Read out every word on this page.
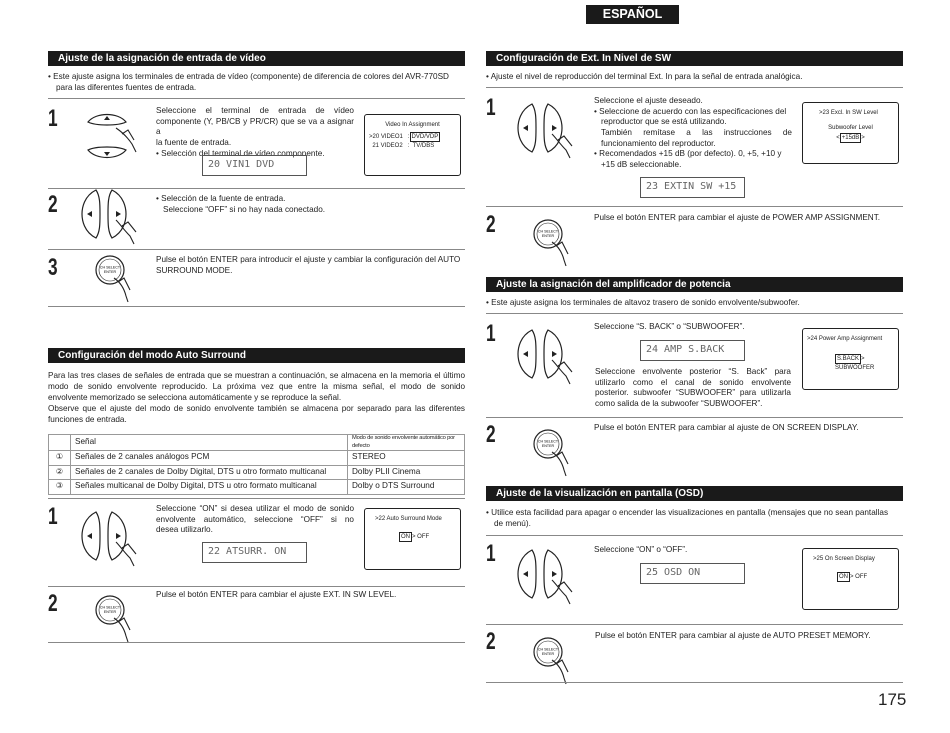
ESPAÑOL
Ajuste de la asignación de entrada de vídeo
• Este ajuste asigna los terminales de entrada de vídeo (componente) de diferencia de colores del AVR-770SD
para las diferentes fuentes de entrada.
1	Seleccione el terminal de entrada de vídeo
componente (Y, PB/CB y PR/CR) que se va a asignar a
la fuente de entrada.
• Selección del terminal de vídeo componente.
20 VIN1 DVD
Video In Assignment
>20 VIDEO1   : DVD/VDP
21 VIDEO2   :  TV/DBS
2	• Selección de la fuente de entrada.
Seleccione “OFF” si no hay nada conectado.
3	CH SELECT
ENTER
Pulse el botón ENTER para introducir el ajuste y cambiar la configuración del AUTO
SURROUND MODE.
Configuración del modo Auto Surround
Para las tres clases de señales de entrada que se muestran a continuación, se almacena en la memoria el último
modo de sonido envolvente reproducido. La próxima vez que entre la misma señal, el modo de sonido
envolvente memorizado se selecciona automáticamente y se reproduce la señal.
Observe que el ajuste del modo de sonido envolvente también se almacena por separado para las diferentes
funciones de entrada.
	Señal	Modo de sonido envolvente automático por defecto
①	Señales de 2 canales análogos PCM	STEREO
②	Señales de 2 canales de Dolby Digital, DTS u otro formato multicanal	Dolby PLII Cinema
③	Señales multicanal de Dolby Digital, DTS u otro formato multicanal	Dolby o DTS Surround
1	Seleccione “ON” si desea utilizar el modo de sonido
envolvente automático, seleccione “OFF” si no
desea utilizarlo.
22 ATSURR. ON
>22 Auto Surround Mode
ON > OFF
2	CH SELECT
ENTER
Pulse el botón ENTER para cambiar el ajuste EXT. IN SW LEVEL.
Configuración de Ext. In Nivel de SW
• Ajuste el nivel de reproducción del terminal Ext. In para la señal de entrada analógica.
1	Seleccione el ajuste deseado.
• Seleccione de acuerdo con las especificaciones del
reproductor que se está utilizando.
También remítase a las instrucciones de
funcionamiento del reproductor.
• Recomendados +15 dB (por defecto). 0, +5, +10 y
+15 dB seleccionable.
23 EXTIN SW +15
>23 Excl. In SW Level
Subwoofer Level
< +15dB >
2	CH SELECT
ENTER
Pulse el botón ENTER para cambiar el ajuste de POWER AMP ASSIGNMENT.
Ajuste la asignación del amplificador de potencia
• Este ajuste asigna los terminales de altavoz trasero de sonido envolvente/subwoofer.
1	Seleccione “S. BACK” o “SUBWOOFER”.
24 AMP S.BACK
Seleccione envolvente posterior “S. Back” para
utilizarlo como el canal de sonido envolvente
posterior. subwoofer “SUBWOOFER” para utilizarla
como salida de la subwoofer “SUBWOOFER”.
>24 Power Amp Assignment
S.BACK > SUBWOOFER
2	CH SELECT
ENTER
Pulse el botón ENTER para cambiar al ajuste de ON SCREEN DISPLAY.
Ajuste de la visualización en pantalla (OSD)
• Utilice esta facilidad para apagar o encender las visualizaciones en pantalla (mensajes que no sean pantallas
de menú).
1	Seleccione “ON” o “OFF”.
25 OSD ON
>25 On Screen Display
ON > OFF
2	CH SELECT
ENTER
Pulse el botón ENTER para cambiar al ajuste de AUTO PRESET MEMORY.
175
